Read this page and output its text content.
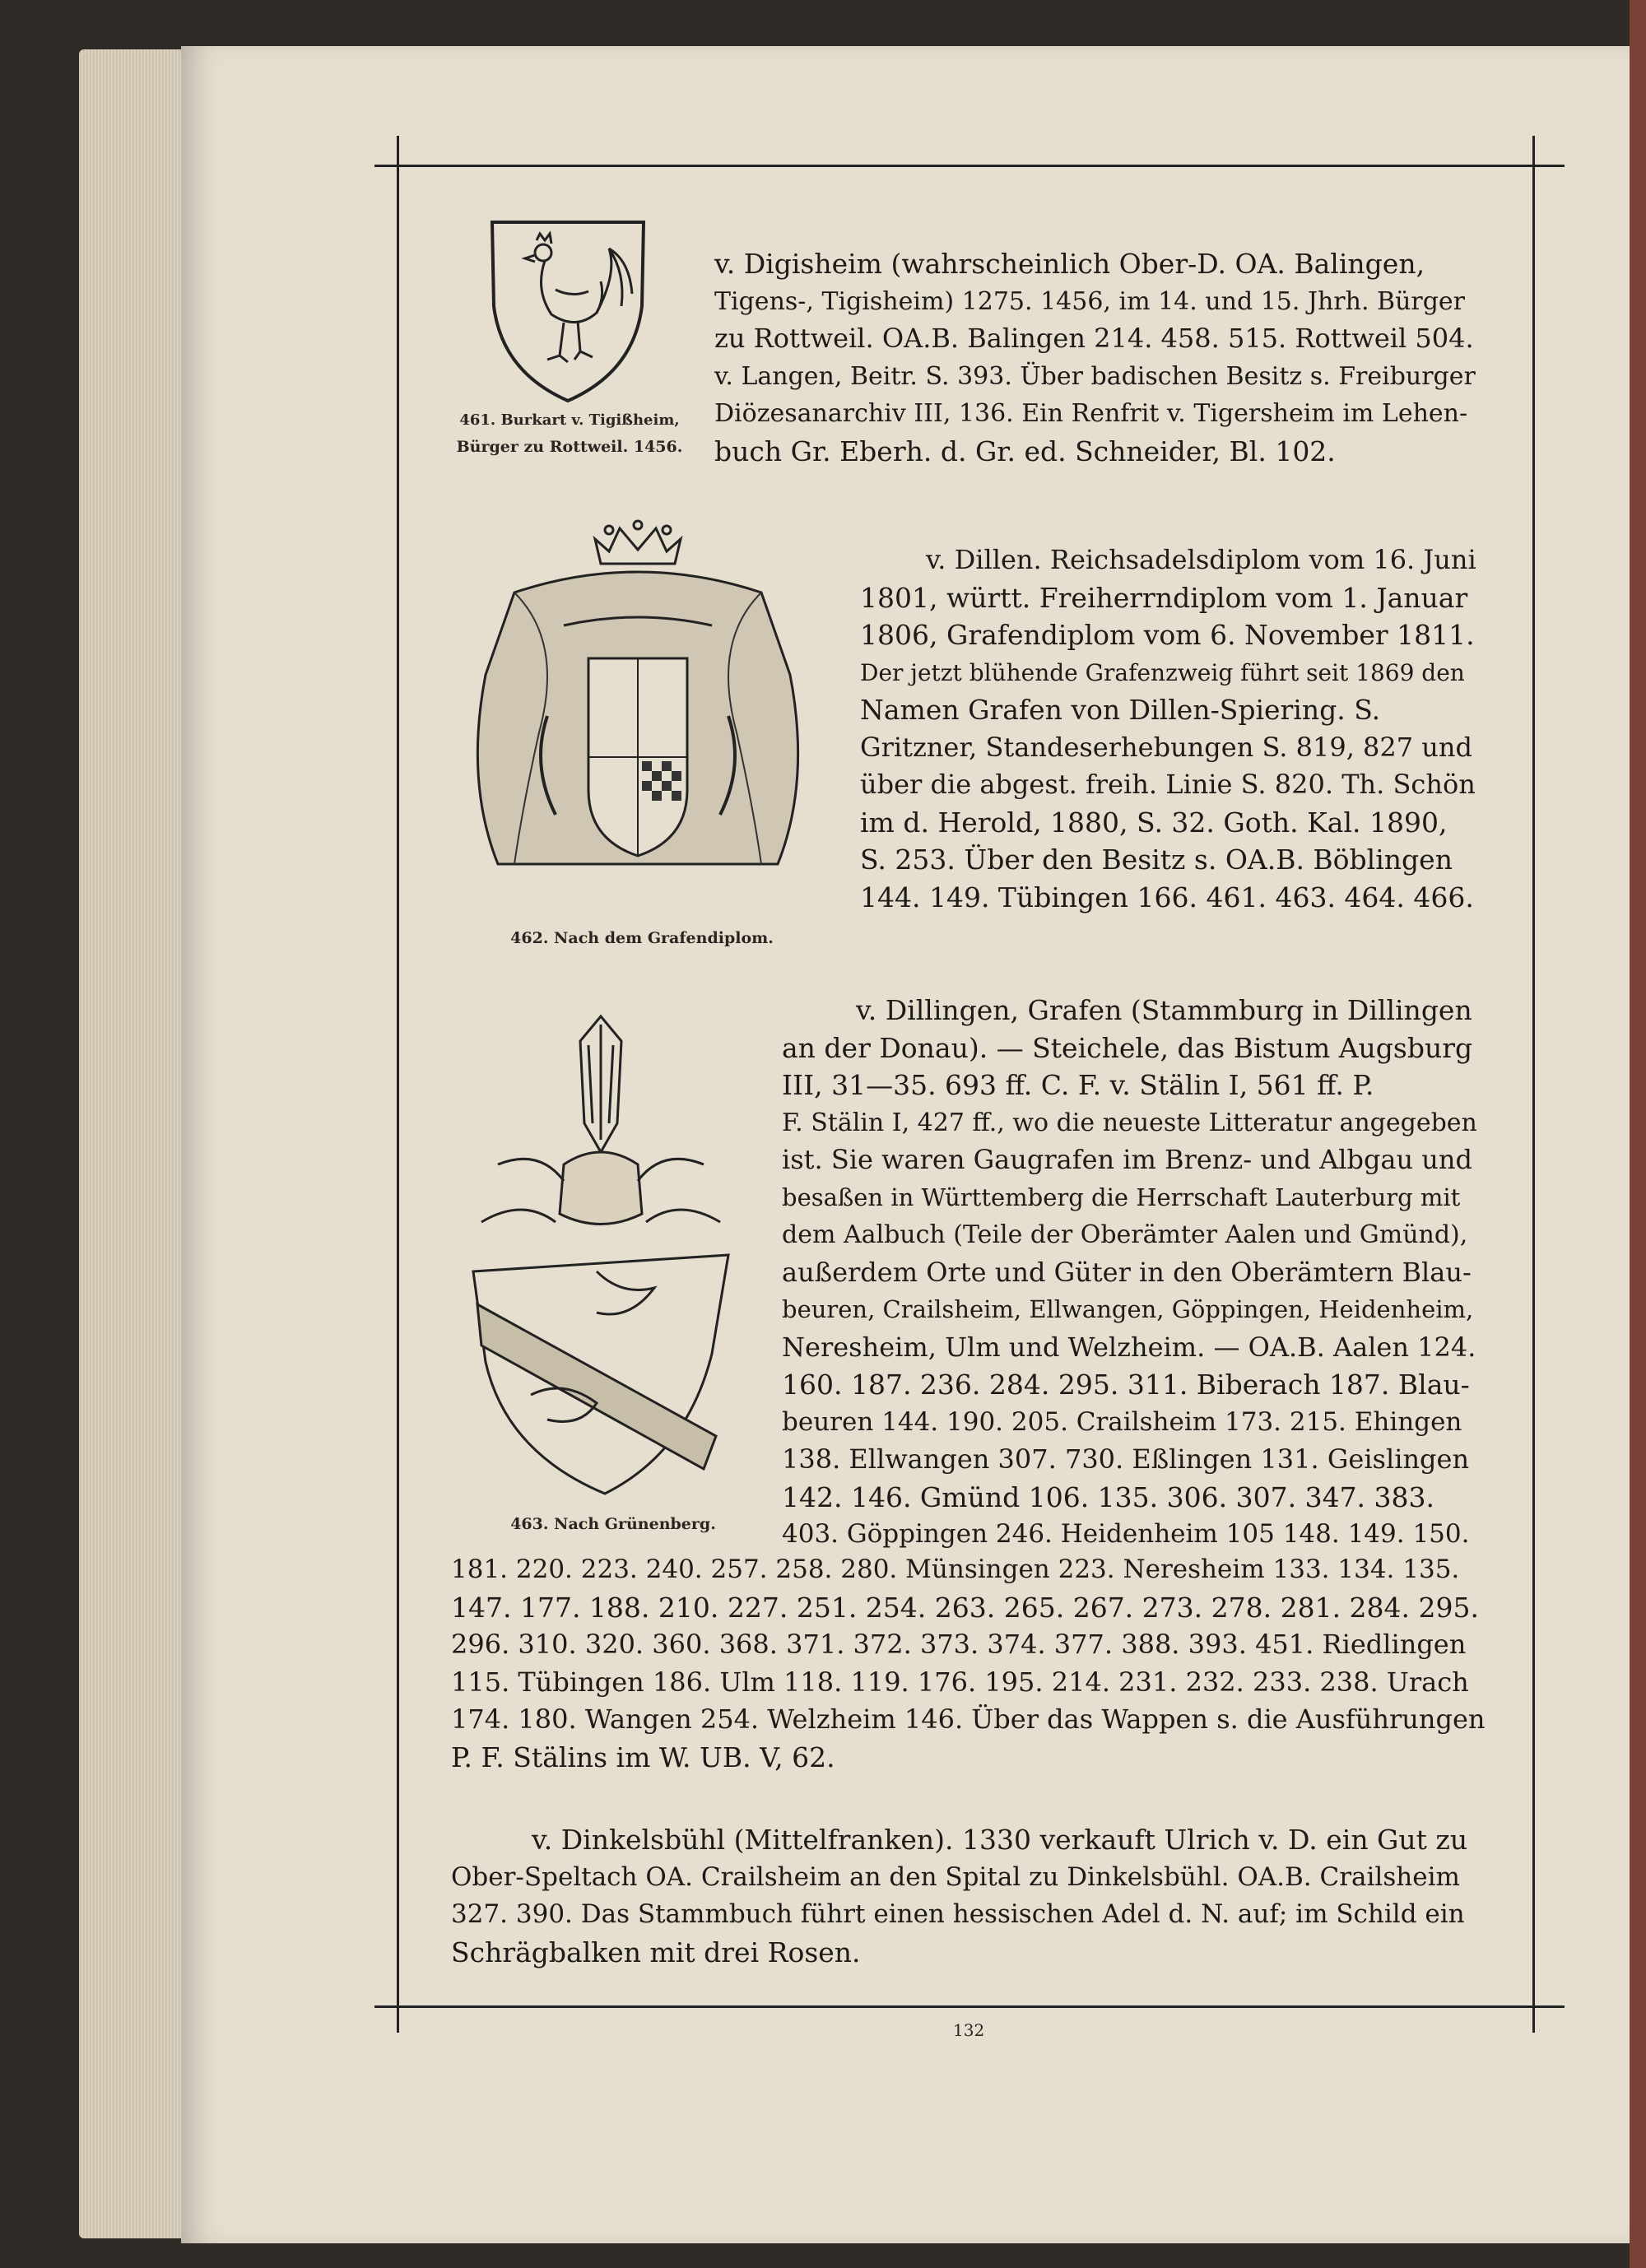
461. Burkart v. Tigißheim,
Bürger zu Rottweil. 1456.
462. Nach dem Grafendiplom.
463. Nach Grünenberg.
v. Digisheim (wahrscheinlich Ober-D. OA. Balingen,
Tigens-, Tigisheim) 1275. 1456, im 14. und 15. Jhrh. Bürger
zu Rottweil. OA.B. Balingen 214. 458. 515. Rottweil 504.
v. Langen, Beitr. S. 393. Über badischen Besitz s. Freiburger
Diözesanarchiv III, 136. Ein Renfrit v. Tigersheim im Lehen-
buch Gr. Eberh. d. Gr. ed. Schneider, Bl. 102.
v. Dillen. Reichsadelsdiplom vom 16. Juni
1801, württ. Freiherrndiplom vom 1. Januar
1806, Grafendiplom vom 6. November 1811.
Der jetzt blühende Grafenzweig führt seit 1869 den
Namen Grafen von Dillen-Spiering. S.
Gritzner, Standeserhebungen S. 819, 827 und
über die abgest. freih. Linie S. 820. Th. Schön
im d. Herold, 1880, S. 32. Goth. Kal. 1890,
S. 253. Über den Besitz s. OA.B. Böblingen
144. 149. Tübingen 166. 461. 463. 464. 466.
v. Dillingen, Grafen (Stammburg in Dillingen
an der Donau). — Steichele, das Bistum Augsburg
III, 31—35. 693 ff. C. F. v. Stälin I, 561 ff. P.
F. Stälin I, 427 ff., wo die neueste Litteratur angegeben
ist. Sie waren Gaugrafen im Brenz- und Albgau und
besaßen in Württemberg die Herrschaft Lauterburg mit
dem Aalbuch (Teile der Oberämter Aalen und Gmünd),
außerdem Orte und Güter in den Oberämtern Blau-
beuren, Crailsheim, Ellwangen, Göppingen, Heidenheim,
Neresheim, Ulm und Welzheim. — OA.B. Aalen 124.
160. 187. 236. 284. 295. 311. Biberach 187. Blau-
beuren 144. 190. 205. Crailsheim 173. 215. Ehingen
138. Ellwangen 307. 730. Eßlingen 131. Geislingen
142. 146. Gmünd 106. 135. 306. 307. 347. 383.
403. Göppingen 246. Heidenheim 105 148. 149. 150.
181. 220. 223. 240. 257. 258. 280. Münsingen 223. Neresheim 133. 134. 135.
147. 177. 188. 210. 227. 251. 254. 263. 265. 267. 273. 278. 281. 284. 295.
296. 310. 320. 360. 368. 371. 372. 373. 374. 377. 388. 393. 451. Riedlingen
115. Tübingen 186. Ulm 118. 119. 176. 195. 214. 231. 232. 233. 238. Urach
174. 180. Wangen 254. Welzheim 146. Über das Wappen s. die Ausführungen
P. F. Stälins im W. UB. V, 62.
v. Dinkelsbühl (Mittelfranken). 1330 verkauft Ulrich v. D. ein Gut zu
Ober-Speltach OA. Crailsheim an den Spital zu Dinkelsbühl. OA.B. Crailsheim
327. 390. Das Stammbuch führt einen hessischen Adel d. N. auf; im Schild ein
Schrägbalken mit drei Rosen.
132
